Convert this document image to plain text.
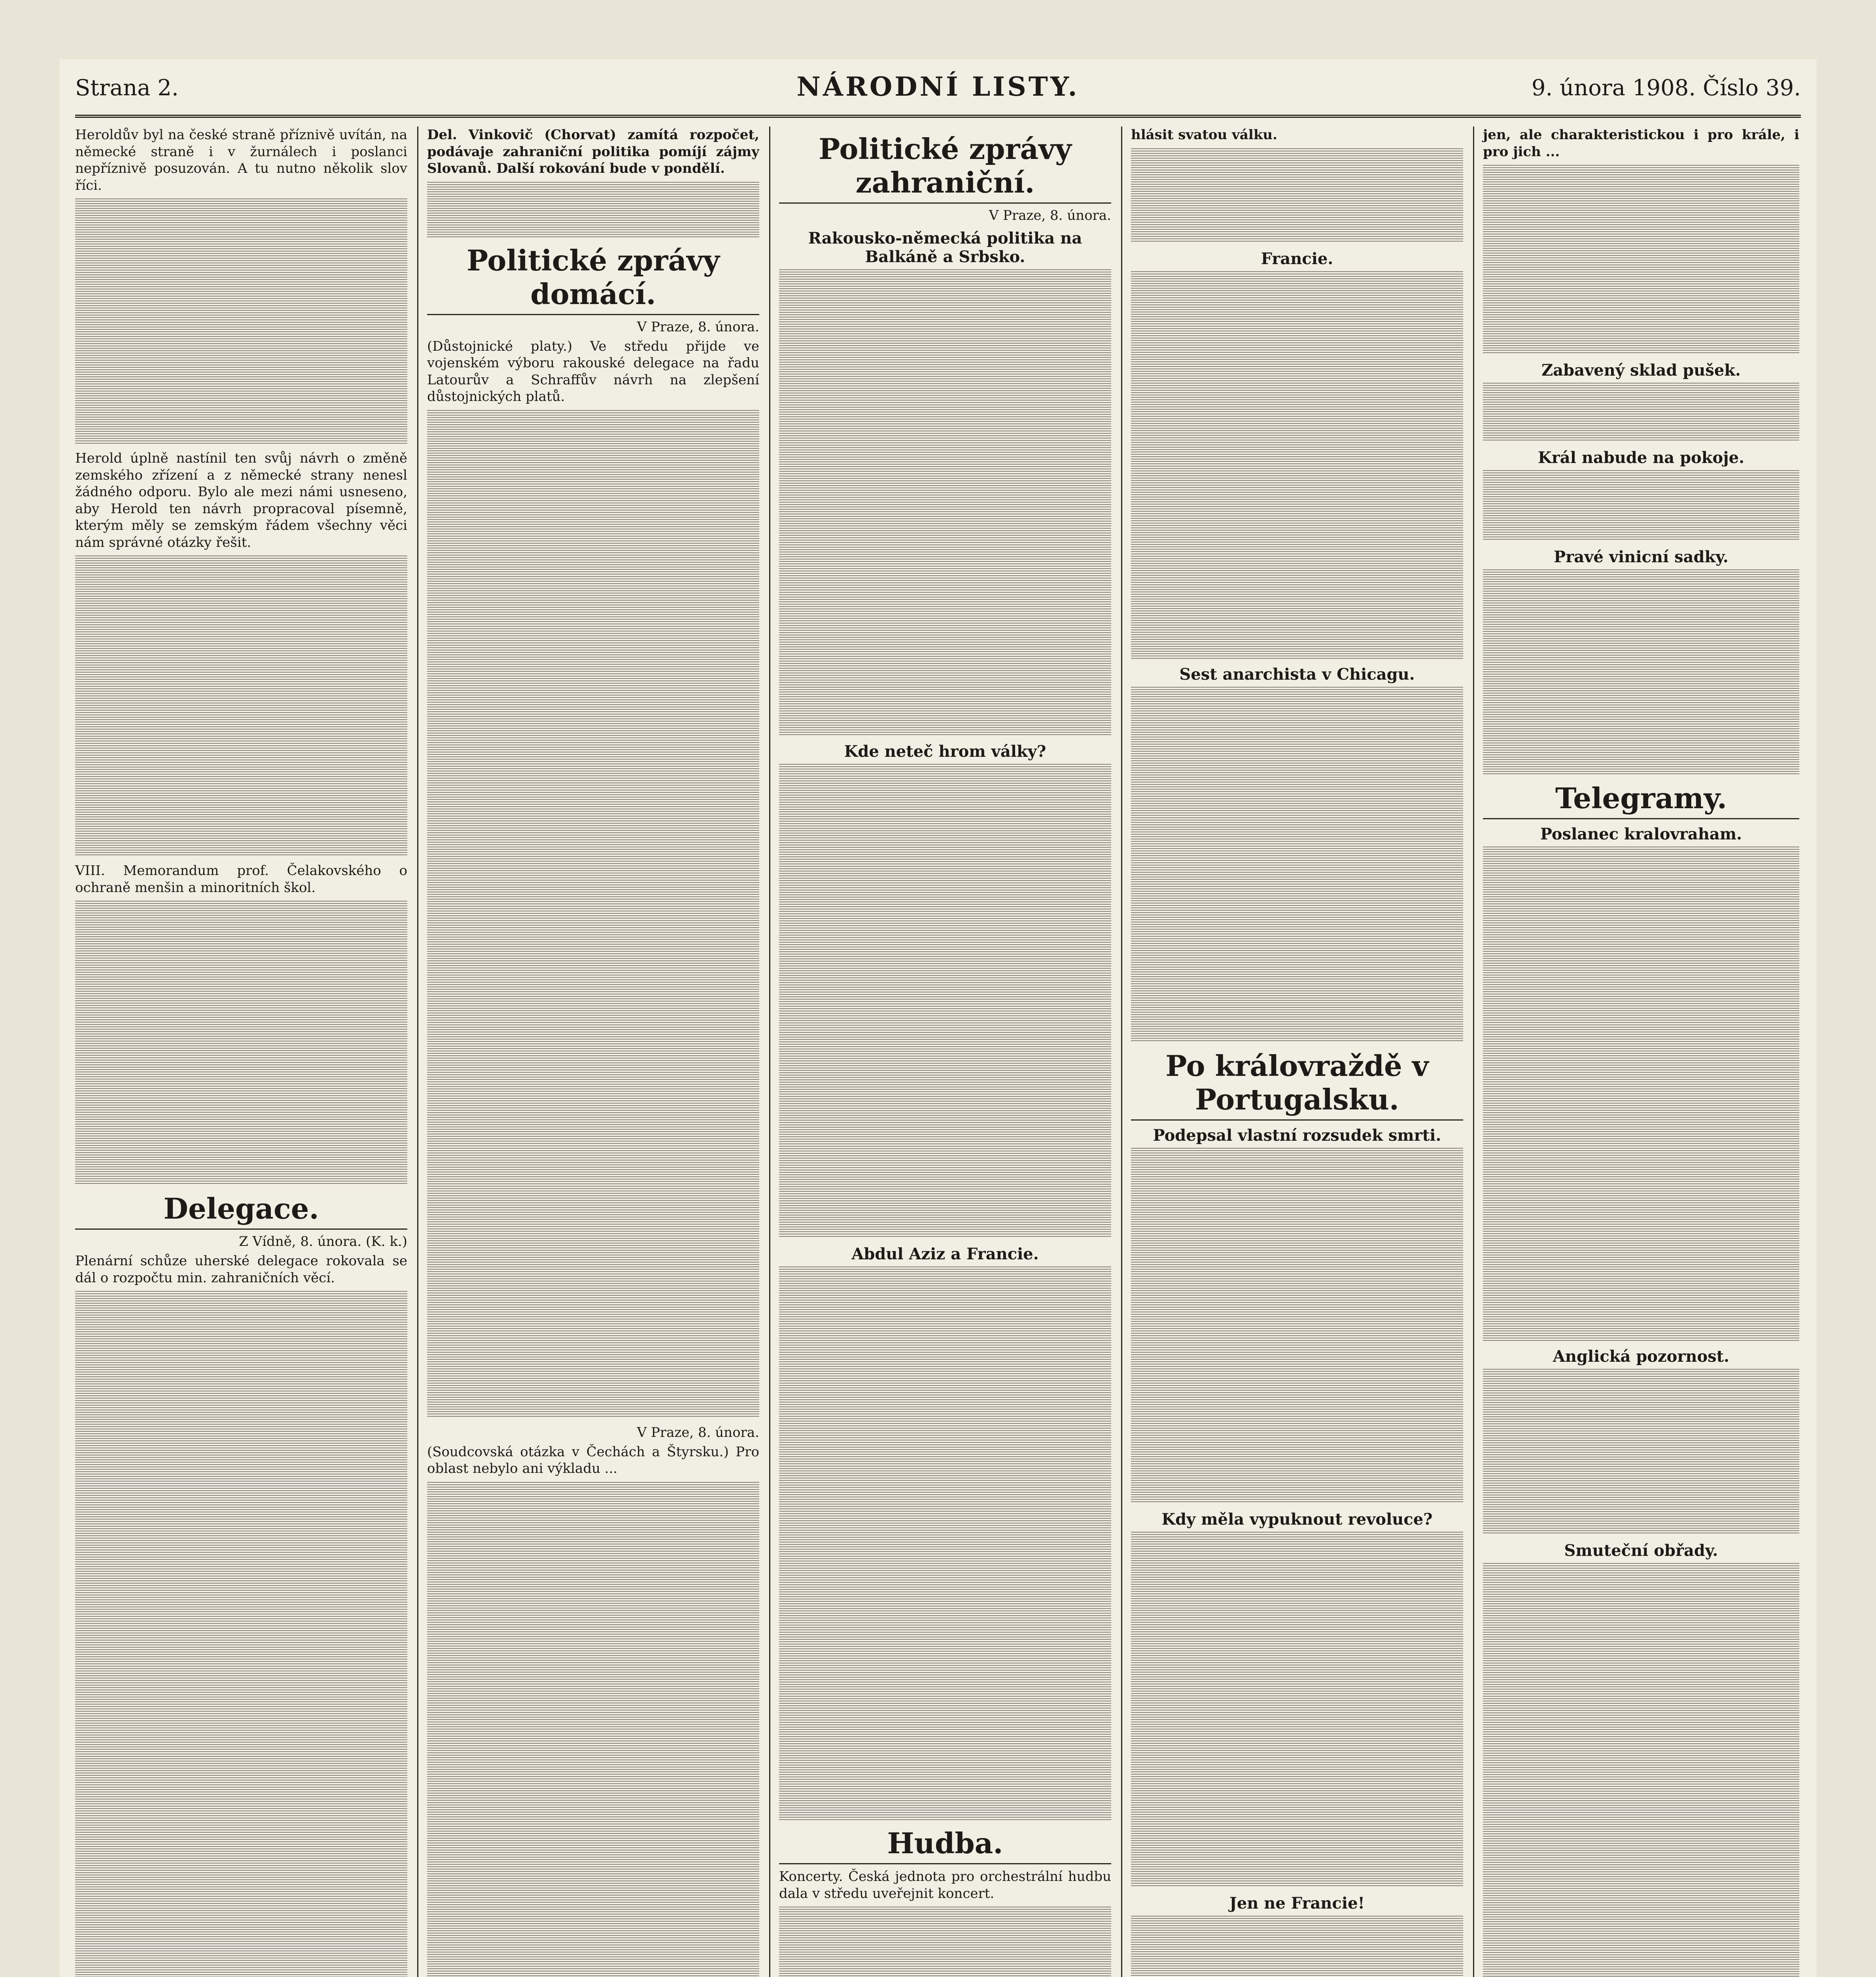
Strana 2.	NÁRODNÍ LISTY.	9. února 1908. Číslo 39.

Heroldův byl na české straně příznivě uvítán, na německé straně i v žurnálech i poslanci nepříznivě posuzován. A tu nutno několik slov říci.

Herold úplně nastínil ten svůj návrh o změně zemského zřízení a z německé strany nenesl žádného odporu. Bylo ale mezi námi usneseno, aby Herold ten návrh propracoval písemně, kterým měly se zemským řádem všechny věci nám správné otázky řešit.

VIII. Memorandum prof. Čelakovského o ochraně menšin a minoritních škol.

Delegace.
Z Vídně, 8. února. (K. k.)

Plenární schůze uherské delegace rokovala se dál o rozpočtu min. zahraničních věcí.

Del. Vinkovič (Chorvat) zamítá rozpočet, podávaje zahraniční politika pomíjí zájmy Slovanů. Další rokování bude v pondělí.

Politické zprávy domácí.
V Praze, 8. února.

(Důstojnické platy.) Ve středu přijde ve vojenském výboru rakouské delegace na řadu Latourův a Schraffův návrh na zlepšení důstojnických platů.

V Praze, 8. února.

(Soudcovská otázka v Čechách a Štyrsku.) Pro oblast nebylo ani výkladu ...

Politické zprávy zahraniční.
V Praze, 8. února.
Rakousko-německá politika na Balkáně a Srbsko.
Kde neteč hrom války?
Abdul Aziz a Francie.
Hudba.

Koncerty. Česká jednota pro orchestrální hudbu dala v středu uveřejnit koncert.

hlásit svatou válku.

Francie.
Sest anarchista v Chicagu.
Po královraždě v Portugalsku.
Podepsal vlastní rozsudek smrti.
Kdy měla vypuknout revoluce?
Jen ne Francie!

jen, ale charakteristickou i pro krále, i pro jich ...

Zabavený sklad pušek.
Král nabude na pokoje.
Pravé vinicní sadky.
Telegramy.
Poslanec kralovraham.
Anglická pozornost.
Smuteční obřady.
